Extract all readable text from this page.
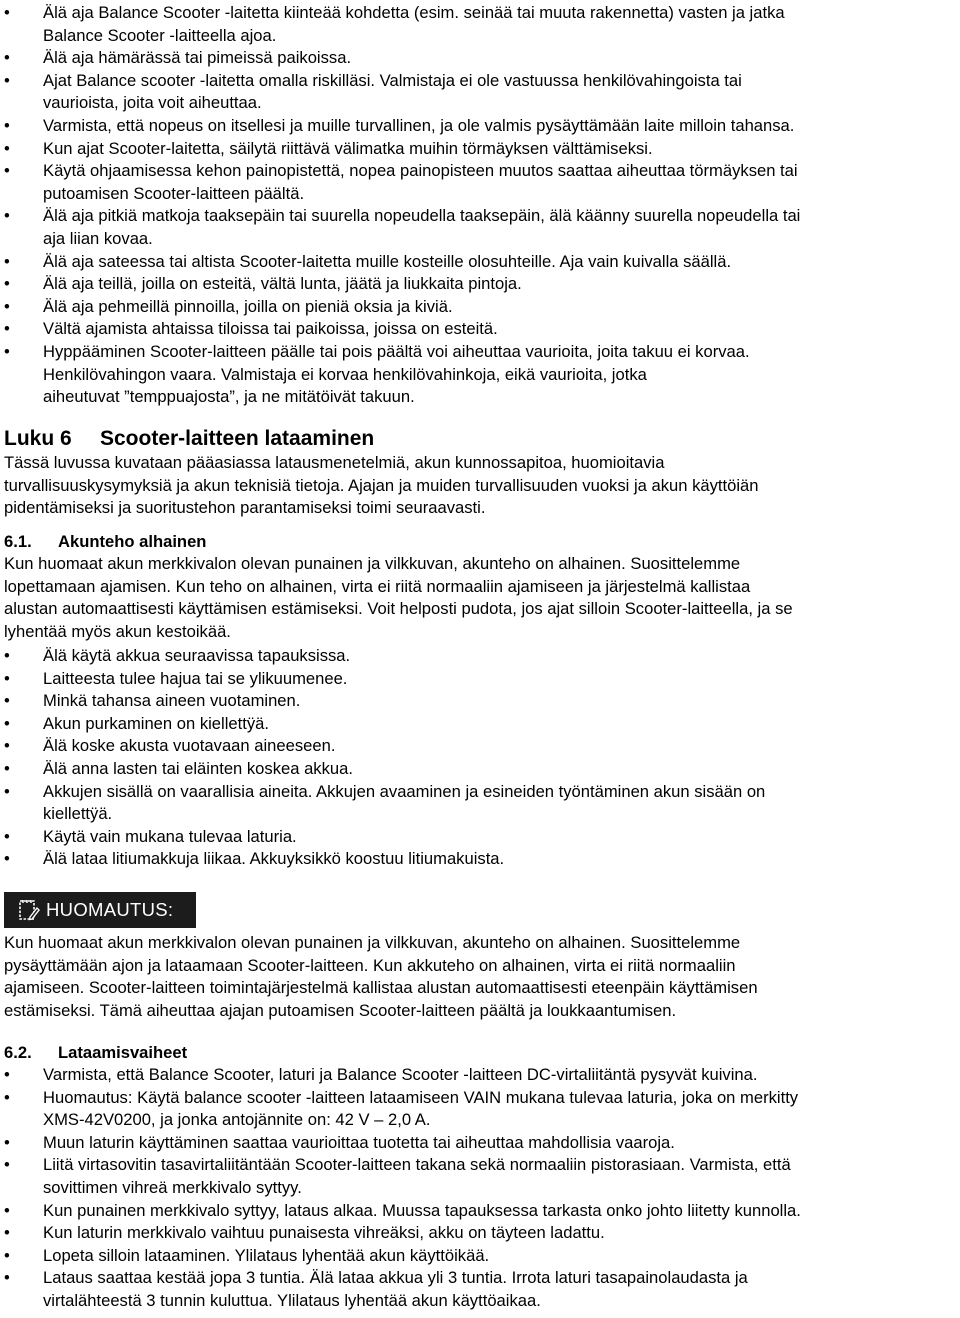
• Älä aja Balance Scooter -laitetta kiinteää kohdetta (esim. seinää tai muuta rakennetta) vasten ja jatka
Balance Scooter -laitteella ajoa.
• Älä aja hämärässä tai pimeissä paikoissa.
• Ajat Balance scooter -laitetta omalla riskilläsi. Valmistaja ei ole vastuussa henkilövahingoista tai
vaurioista, joita voit aiheuttaa.
• Varmista, että nopeus on itsellesi ja muille turvallinen, ja ole valmis pysäyttämään laite milloin tahansa.
• Kun ajat Scooter-laitetta, säilytä riittävä välimatka muihin törmäyksen välttämiseksi.
• Käytä ohjaamisessa kehon painopistettä, nopea painopisteen muutos saattaa aiheuttaa törmäyksen tai
putoamisen Scooter-laitteen päältä.
• Älä aja pitkiä matkoja taaksepäin tai suurella nopeudella taaksepäin, älä käänny suurella nopeudella tai
aja liian kovaa.
• Älä aja sateessa tai altista Scooter-laitetta muille kosteille olosuhteille. Aja vain kuivalla säällä.
• Älä aja teillä, joilla on esteitä, vältä lunta, jäätä ja liukkaita pintoja.
• Älä aja pehmeillä pinnoilla, joilla on pieniä oksia ja kiviä.
• Vältä ajamista ahtaissa tiloissa tai paikoissa, joissa on esteitä.
• Hyppääminen Scooter-laitteen päälle tai pois päältä voi aiheuttaa vaurioita, joita takuu ei korvaa.
Henkilövahingon vaara. Valmistaja ei korvaa henkilövahinkoja, eikä vaurioita, jotka
aiheutuvat ”temppuajosta”, ja ne mitätöivät takuun.
Luku 6 Scooter-laitteen lataaminen
Tässä luvussa kuvataan pääasiassa latausmenetelmiä, akun kunnossapitoa, huomioitavia
turvallisuuskysymyksiä ja akun teknisiä tietoja. Ajajan ja muiden turvallisuuden vuoksi ja akun käyttöiän
pidentämiseksi ja suoritustehon parantamiseksi toimi seuraavasti.
6.1. Akunteho alhainen
Kun huomaat akun merkkivalon olevan punainen ja vilkkuvan, akunteho on alhainen. Suosittelemme
lopettamaan ajamisen. Kun teho on alhainen, virta ei riitä normaaliin ajamiseen ja järjestelmä kallistaa
alustan automaattisesti käyttämisen estämiseksi. Voit helposti pudota, jos ajat silloin Scooter-laitteella, ja se
lyhentää myös akun kestoikää.
• Älä käytä akkua seuraavissa tapauksissa.
• Laitteesta tulee hajua tai se ylikuumenee.
• Minkä tahansa aineen vuotaminen.
• Akun purkaminen on kiellettÿä.
• Älä koske akusta vuotavaan aineeseen.
• Älä anna lasten tai eläinten koskea akkua.
• Akkujen sisällä on vaarallisia aineita. Akkujen avaaminen ja esineiden työntäminen akun sisään on
kiellettÿä.
• Käytä vain mukana tulevaa laturia.
• Älä lataa litiumakkuja liikaa. Akkuyksikkö koostuu litiumakuista.
HUOMAUTUS:
Kun huomaat akun merkkivalon olevan punainen ja vilkkuvan, akunteho on alhainen. Suosittelemme
pysäyttämään ajon ja lataamaan Scooter-laitteen. Kun akkuteho on alhainen, virta ei riitä normaaliin
ajamiseen. Scooter-laitteen toimintajärjestelmä kallistaa alustan automaattisesti eteenpäin käyttämisen
estämiseksi. Tämä aiheuttaa ajajan putoamisen Scooter-laitteen päältä ja loukkaantumisen.
6.2. Lataamisvaiheet
• Varmista, että Balance Scooter, laturi ja Balance Scooter -laitteen DC-virtaliitäntä pysyvät kuivina.
• Huomautus: Käytä balance scooter -laitteen lataamiseen VAIN mukana tulevaa laturia, joka on merkitty
XMS-42V0200, ja jonka antojännite on: 42 V – 2,0 A.
• Muun laturin käyttäminen saattaa vaurioittaa tuotetta tai aiheuttaa mahdollisia vaaroja.
• Liitä virtasovitin tasavirtaliitäntään Scooter-laitteen takana sekä normaaliin pistorasiaan. Varmista, että
sovittimen vihreä merkkivalo syttyy.
• Kun punainen merkkivalo syttyy, lataus alkaa. Muussa tapauksessa tarkasta onko johto liitetty kunnolla.
• Kun laturin merkkivalo vaihtuu punaisesta vihreäksi, akku on täyteen ladattu.
• Lopeta silloin lataaminen. Ylilataus lyhentää akun käyttöikää.
• Lataus saattaa kestää jopa 3 tuntia. Älä lataa akkua yli 3 tuntia. Irrota laturi tasapainolaudasta ja
virtalähteestä 3 tunnin kuluttua. Ylilataus lyhentää akun käyttöaikaa.
